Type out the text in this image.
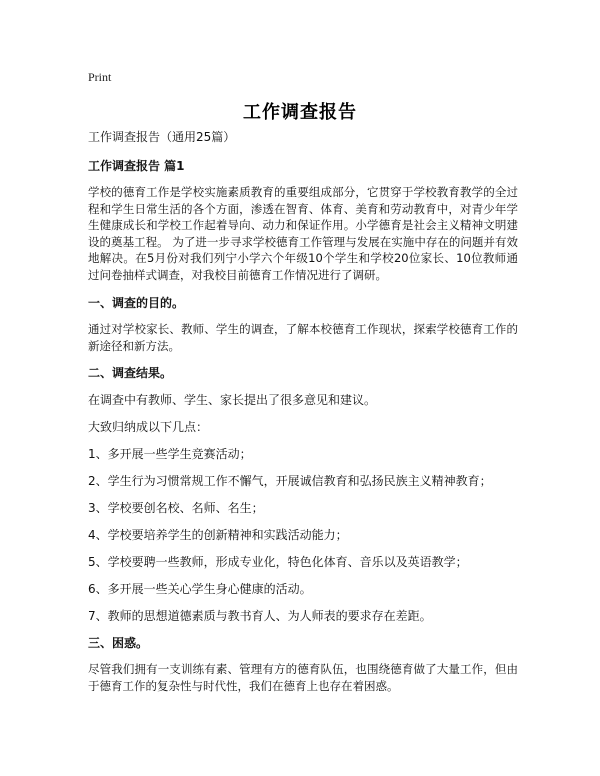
Print
工作调查报告
工作调查报告（通用25篇）
工作调查报告 篇1
学校的德育工作是学校实施素质教育的重要组成部分，它贯穿于学校教育教学的全过程和学生日常生活的各个方面，渗透在智育、体育、美育和劳动教育中，对青少年学生健康成长和学校工作起着导向、动力和保证作用。小学德育是社会主义精神文明建设的奠基工程。 为了进一步寻求学校德育工作管理与发展在实施中存在的问题并有效地解决。在5月份对我们列宁小学六个年级10个学生和学校20位家长、10位教师通过问卷抽样式调查，对我校目前德育工作情况进行了调研。
一、调查的目的。
通过对学校家长、教师、学生的调查，了解本校德育工作现状，探索学校德育工作的新途径和新方法。
二、调查结果。
在调查中有教师、学生、家长提出了很多意见和建议。
大致归纳成以下几点：
1、多开展一些学生竞赛活动；
2、学生行为习惯常规工作不懈气，开展诚信教育和弘扬民族主义精神教育；
3、学校要创名校、名师、名生；
4、学校要培养学生的创新精神和实践活动能力；
5、学校要聘一些教师，形成专业化，特色化体育、音乐以及英语教学；
6、多开展一些关心学生身心健康的活动。
7、教师的思想道德素质与教书育人、为人师表的要求存在差距。
三、困惑。
尽管我们拥有一支训练有素、管理有方的德育队伍，也围绕德育做了大量工作，但由于德育工作的复杂性与时代性，我们在德育上也存在着困惑。
